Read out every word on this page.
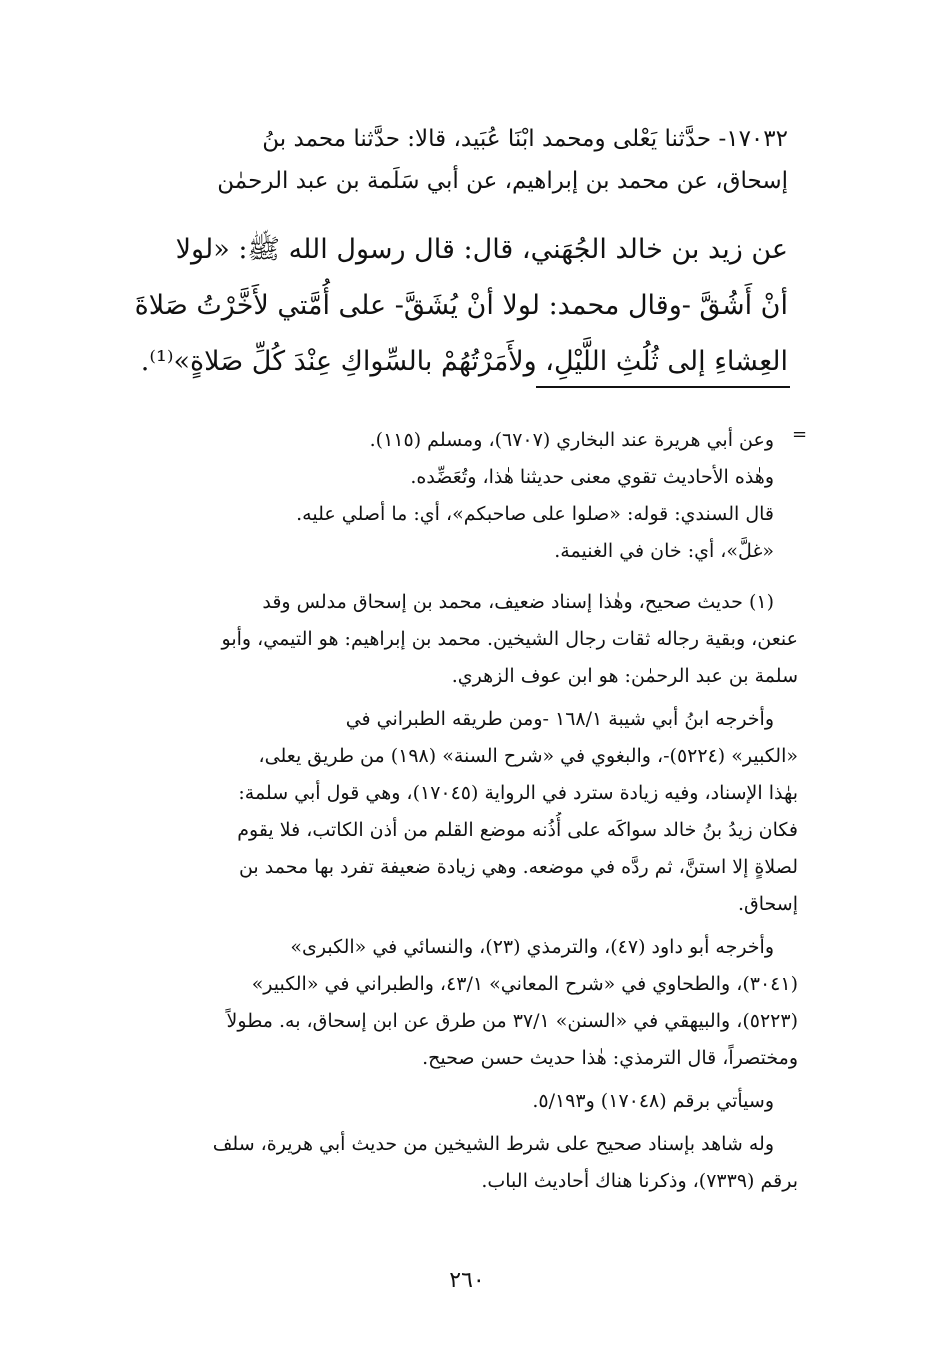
١٧٠٣٢- حدَّثنا يَعْلى ومحمد ابْنَا عُبَيد، قالا: حدَّثنا محمد بنُ
إسحاق، عن محمد بن إبراهيم، عن أبي سَلَمة بن عبد الرحمٰن
عن زيد بن خالد الجُهَني، قال: قال رسول الله ﷺ: «لولا
أنْ أَشُقَّ -وقال محمد: لولا أنْ يُشَقَّ- على أُمَّتي لأَخَّرْتُ صَلاةَ
العِشاءِ إلى ثُلُثِ اللَّيْلِ، ولأَمَرْتُهُمْ بالسِّواكِ عِنْدَ كُلِّ صَلاةٍ»⁽¹⁾.
=
وعن أبي هريرة عند البخاري (٦٧٠٧)، ومسلم (١١٥).
وهٰذه الأحاديث تقوي معنى حديثنا هٰذا، وتُعَضِّده.
قال السندي: قوله: «صلوا على صاحبكم»، أي: ما أصلي عليه.
«غلَّ»، أي: خان في الغنيمة.
(١) حديث صحيح، وهٰذا إسناد ضعيف، محمد بن إسحاق مدلس وقد
عنعن، وبقية رجاله ثقات رجال الشيخين. محمد بن إبراهيم: هو التيمي، وأبو
سلمة بن عبد الرحمٰن: هو ابن عوف الزهري.
وأخرجه ابنُ أبي شيبة ١٦٨/١ -ومن طريقه الطبراني في
«الكبير» (٥٢٢٤)-، والبغوي في «شرح السنة» (١٩٨) من طريق يعلى،
بهٰذا الإسناد، وفيه زيادة سترد في الرواية (١٧٠٤٥)، وهي قول أبي سلمة:
فكان زيدُ بنُ خالد سواكَه على أُذُنه موضع القلم من أذن الكاتب، فلا يقوم
لصلاةٍ إلا استنَّ، ثم ردَّه في موضعه. وهي زيادة ضعيفة تفرد بها محمد بن
إسحاق.
وأخرجه أبو داود (٤٧)، والترمذي (٢٣)، والنسائي في «الكبرى»
(٣٠٤١)، والطحاوي في «شرح المعاني» ٤٣/١، والطبراني في «الكبير»
(٥٢٢٣)، والبيهقي في «السنن» ٣٧/١ من طرق عن ابن إسحاق، به. مطولاً
ومختصراً، قال الترمذي: هٰذا حديث حسن صحيح.
وسيأتي برقم (١٧٠٤٨) و٥/١٩٣.
وله شاهد بإسناد صحيح على شرط الشيخين من حديث أبي هريرة، سلف
برقم (٧٣٣٩)، وذكرنا هناك أحاديث الباب.
٢٦٠
